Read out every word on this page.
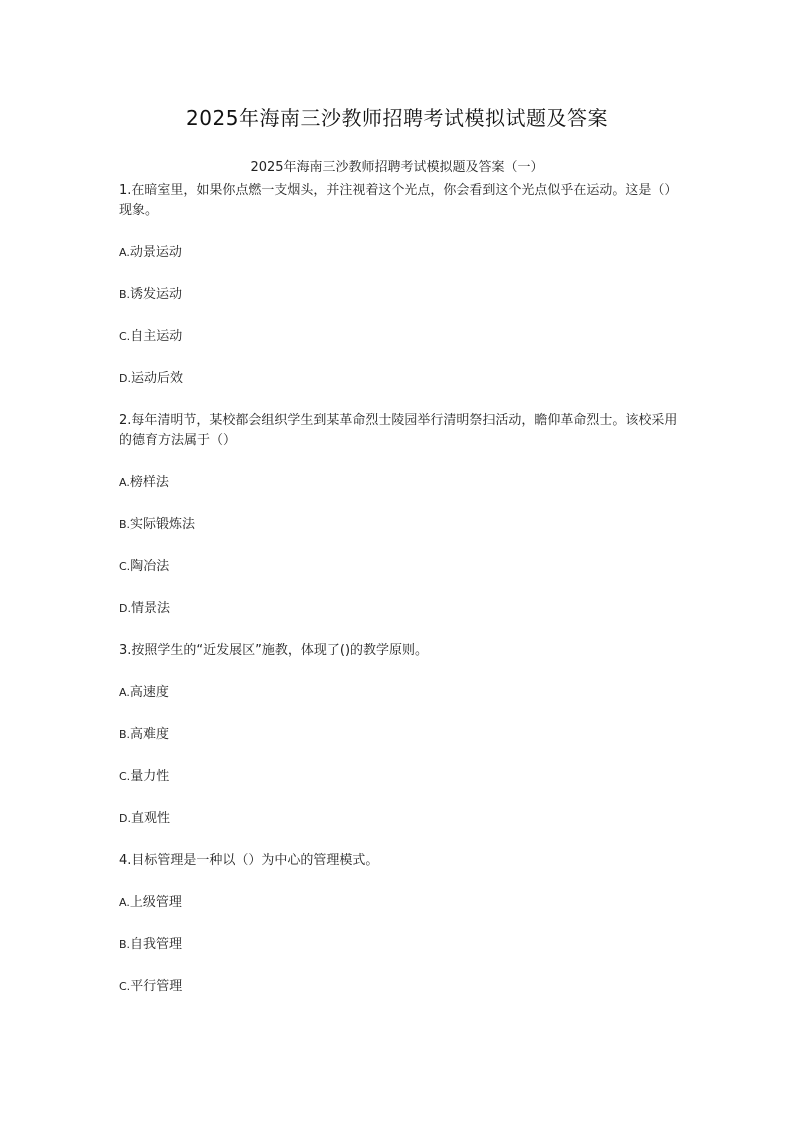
2025年海南三沙教师招聘考试模拟试题及答案
2025年海南三沙教师招聘考试模拟题及答案（一）

1.在暗室里，如果你点燃一支烟头，并注视着这个光点，你会看到这个光点似乎在运动。这是（）现象。

A.动景运动

B.诱发运动

C.自主运动

D.运动后效

2.每年清明节，某校都会组织学生到某革命烈士陵园举行清明祭扫活动，瞻仰革命烈士。该校采用的德育方法属于（）

A.榜样法

B.实际锻炼法

C.陶冶法

D.情景法

3.按照学生的“近发展区”施教，体现了()的教学原则。

A.高速度

B.高难度

C.量力性

D.直观性

4.目标管理是一种以（）为中心的管理模式。

A.上级管理

B.自我管理

C.平行管理
